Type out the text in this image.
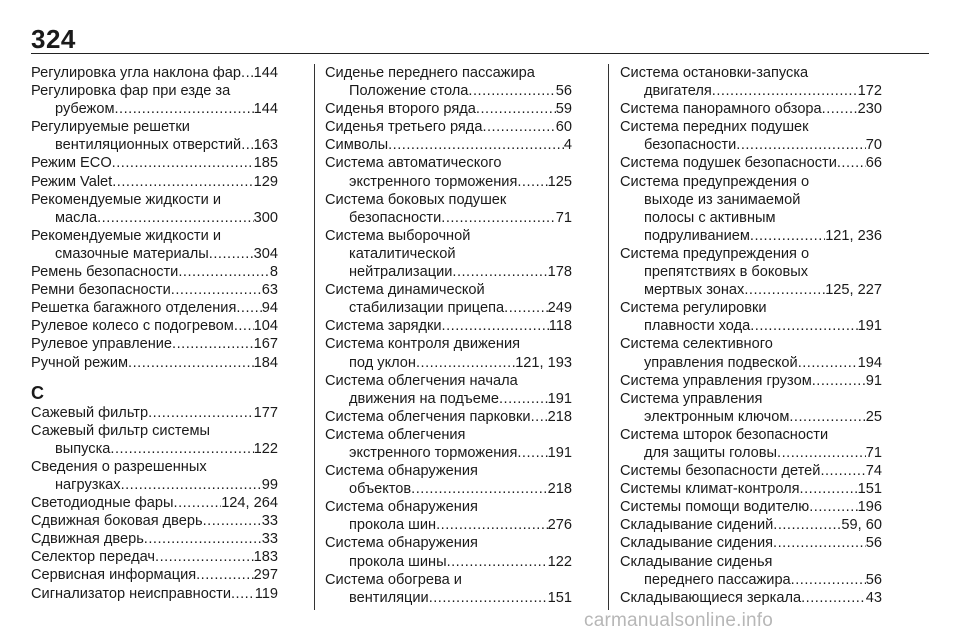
324
Регулировка угла наклона фар ..... 144
Регулировка фар при езде за
рубежом .....	144
Регулируемые решетки
вентиляционных отверстий ..... 163
Режим ECO .....	185
Режим Valet .....	129
Рекомендуемые жидкости и
масла .....	300
Рекомендуемые жидкости и
смазочные материалы .....	304
Ремень безопасности .....	8
Ремни безопасности .....	63
Решетка багажного отделения ..... 94
Рулевое колесо с подогревом ..... 104
Рулевое управление .....	167
Ручной режим .....	184
С
Сажевый фильтр .....	177
Сажевый фильтр системы
выпуска .....	122
Сведения о разрешенных
нагрузках .....	99
Светодиодные фары .....	124, 264
Сдвижная боковая дверь .....	33
Сдвижная дверь .....	33
Селектор передач .....	183
Сервисная информация .....	297
Сигнализатор неисправности ..... 119
Сиденье переднего пассажира
Положение стола .....	56
Сиденья второго ряда .....	59
Сиденья третьего ряда .....	60
Символы .....	4
Система автоматического
экстренного торможения ..... 125
Система боковых подушек
безопасности .....	71
Система выборочной
каталитической
нейтрализации .....	178
Система динамической
стабилизации прицепа .....	249
Система зарядки .....	118
Система контроля движения
под уклон .....	121, 193
Система облегчения начала
движения на подъеме .....	191
Система облегчения парковки ..... 218
Система облегчения
экстренного торможения ..... 191
Система обнаружения
объектов .....	218
Система обнаружения
прокола шин .....	276
Система обнаружения
прокола шины .....	122
Система обогрева и
вентиляции .....	151
Система остановки-запуска
двигателя .....	172
Система панорамного обзора ..... 230
Система передних подушек
безопасности .....	70
Система подушек безопасности ..... 66
Система предупреждения о
выходе из занимаемой
полосы с активным
подруливанием .....	121, 236
Система предупреждения о
препятствиях в боковых
мертвых зонах .....	125, 227
Система регулировки
плавности хода .....	191
Система селективного
управления подвеской .....	194
Система управления грузом .....	91
Система управления
электронным ключом .....	25
Система шторок безопасности
для защиты головы .....	71
Системы безопасности детей .....	74
Системы климат-контроля .....	151
Системы помощи водителю .....	196
Складывание сидений .....	59, 60
Складывание сидения .....	56
Складывание сиденья
переднего пассажира .....	56
Складывающиеся зеркала .....	43
carmanualsonline.info
